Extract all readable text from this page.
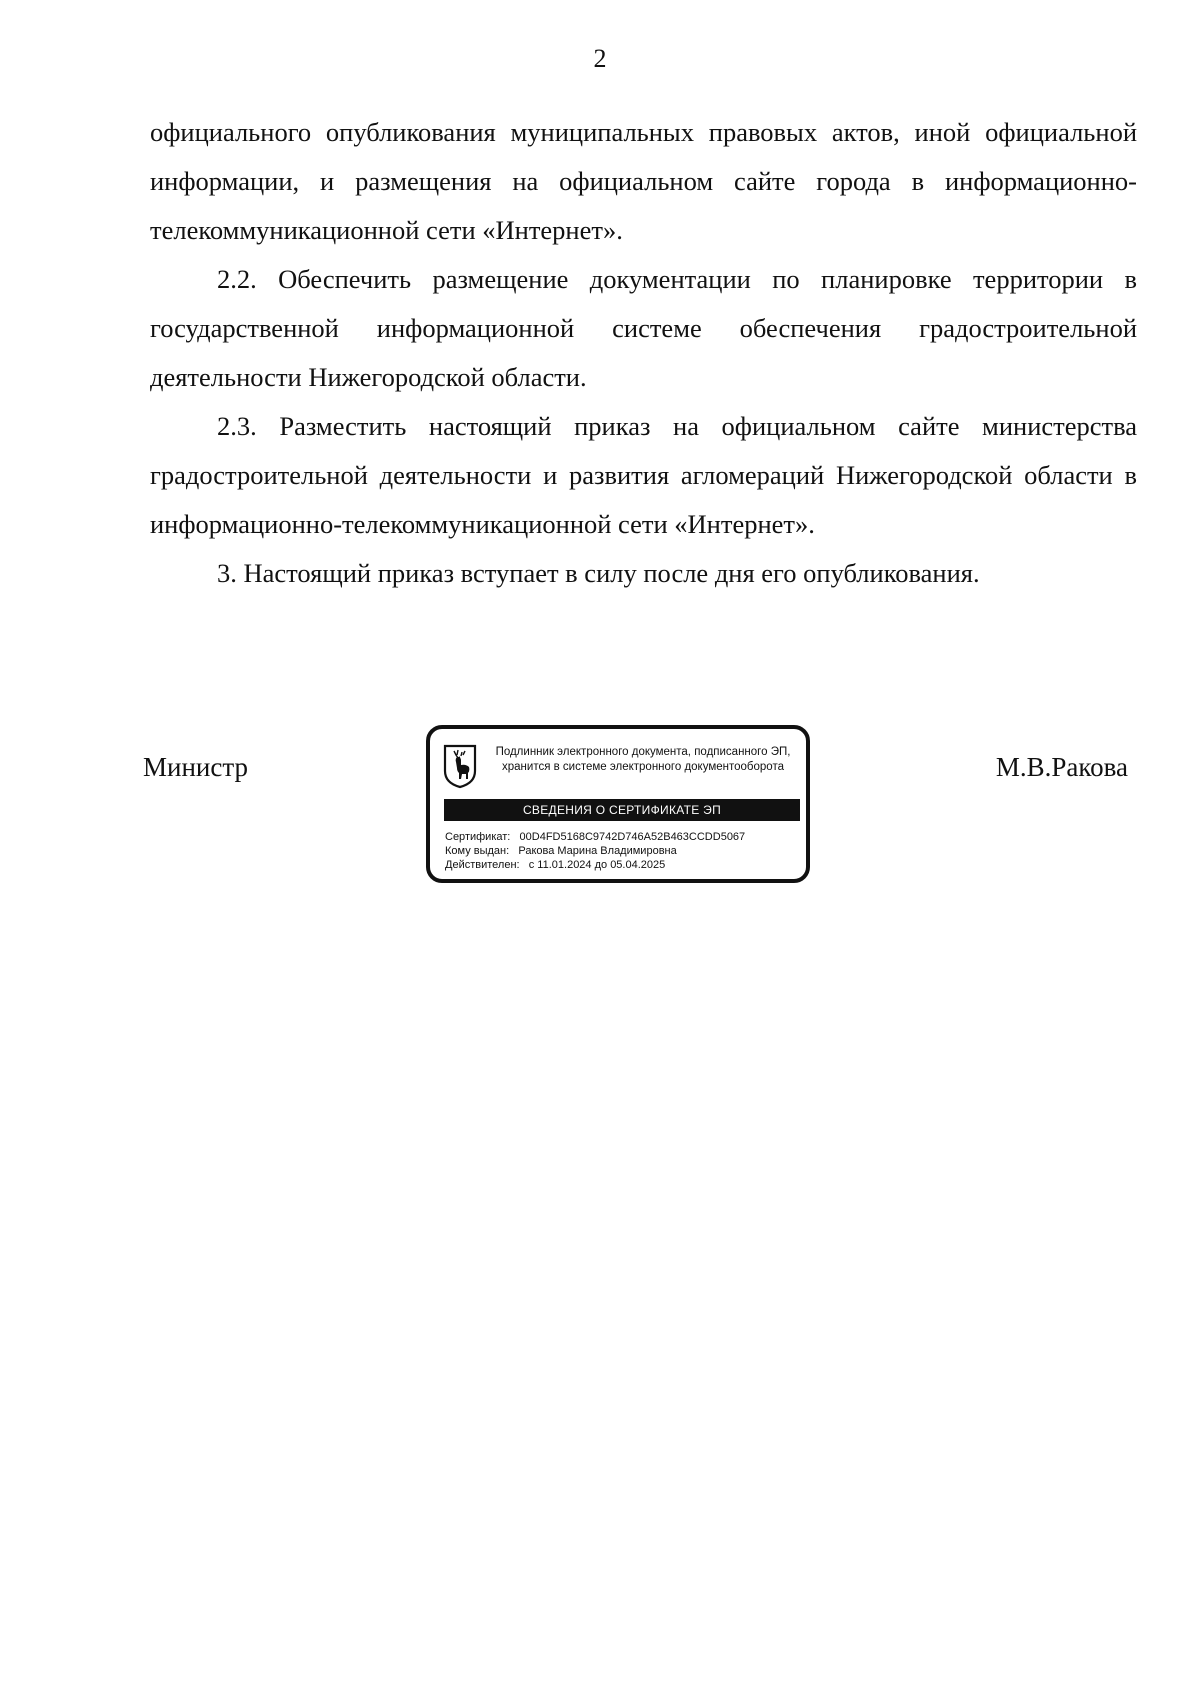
2

официального опубликования муниципальных правовых актов, иной официальной информации, и размещения на официальном сайте города в информационно-телекоммуникационной сети «Интернет».

2.2. Обеспечить размещение документации по планировке территории в государственной информационной системе обеспечения градостроительной деятельности Нижегородской области.

2.3. Разместить настоящий приказ на официальном сайте министерства градостроительной деятельности и развития агломераций Нижегородской области в информационно-телекоммуникационной сети «Интернет».

3. Настоящий приказ вступает в силу после дня его опубликования.

Министр	М.В.Ракова
Подлинник электронного документа, подписанного ЭП,
хранится в системе электронного документооборота
СВЕДЕНИЯ О СЕРТИФИКАТЕ ЭП
Сертификат:   00D4FD5168C9742D746A52B463CCDD5067
Кому выдан:   Ракова Марина Владимировна
Действителен:   с 11.01.2024 до 05.04.2025
